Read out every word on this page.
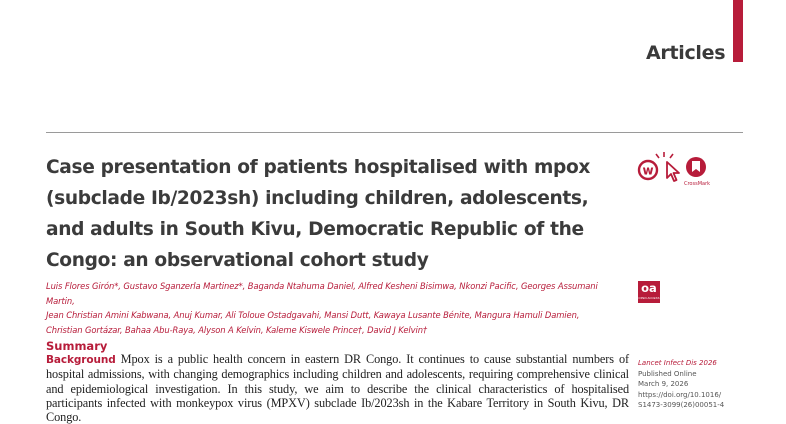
Articles
Case presentation of patients hospitalised with mpox (subclade Ib/2023sh) including children, adolescents, and adults in South Kivu, Democratic Republic of the Congo: an observational cohort study
w
CrossMark
Luis Flores Girón*, Gustavo Sganzerla Martinez*, Baganda Ntahuma Daniel, Alfred Kesheni Bisimwa, Nkonzi Pacific, Georges Assumani Martin,
Jean Christian Amini Kabwana, Anuj Kumar, Ali Toloue Ostadgavahi, Mansi Dutt, Kawaya Lusante Bénite, Mangura Hamuli Damien,
Christian Gortázar, Bahaa Abu-Raya, Alyson A Kelvin, Kaleme Kiswele Prince†, David J Kelvin†
oa
OPEN ACCESS
Summary

Background Mpox is a public health concern in eastern DR Congo. It continues to cause substantial numbers of hospital admissions, with changing demographics including children and adolescents, requiring comprehensive clinical and epidemiological investigation. In this study, we aim to describe the clinical characteristics of hospitalised participants infected with monkeypox virus (MPXV) subclade Ib/2023sh in the Kabare Territory in South Kivu, DR Congo.

Lancet Infect Dis 2026
Published Online
March 9, 2026
https://doi.org/10.1016/
S1473-3099(26)00051-4
